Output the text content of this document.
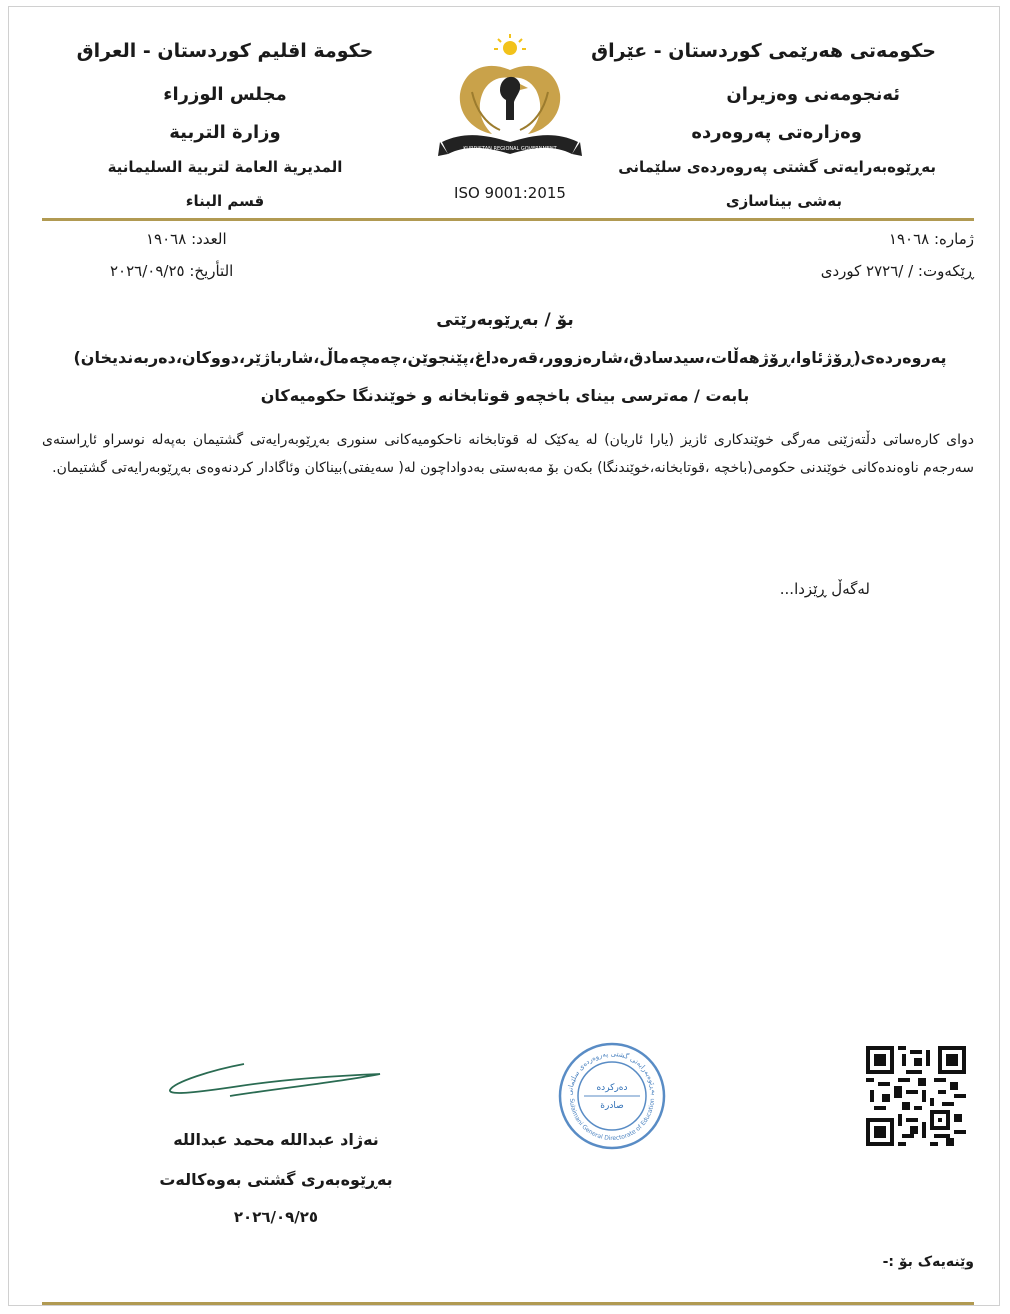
حکومەتی هەرێمی کوردستان - عێراق
ئەنجومەنی وەزیران
وەزارەتی پەروەردە
بەڕێوەبەرایەتی گشتی پەروەردەی سلێمانی
بەشی بیناسازی
حكومة اقليم كوردستان - العراق
مجلس الوزراء
وزارة التربية
المديرية العامة لتربية السليمانية
قسم البناء
KURDISTAN REGIONAL GOVERNMENT
ISO 9001:2015
ژمارە: ١٩٠٦٨
ڕێکەوت: / /٢٧٢٦ کوردی
العدد: ١٩٠٦٨
التأريخ: ٢٠٢٦/٠٩/٢٥
بۆ / بەڕێوبەرێتی
پەروەردەی(ڕۆژئاوا،ڕۆژهەڵات،سیدسادق،شارەزوور،قەرەداغ،پێنجوێن،چەمچەماڵ،شارباژێر،دووکان،دەربەندیخان)
بابەت / مەترسی بینای باخچەو قوتابخانە و خوێندنگا حکومیەکان
دوای کارەساتی دڵتەزێنی مەرگی خوێندکاری ئازیز (یارا ئاریان) لە یەکێک لە قوتابخانە ناحکومیەکانی سنوری بەڕێوبەرایەتی گشتیمان بەپەلە نوسراو ئاڕاستەی سەرجەم ناوەندەکانی خوێندنی حکومی(باخچە ،قوتابخانە،خوێندنگا) بکەن بۆ مەبەستی بەدواداچون لە( سەیفتی)بیناکان وئاگادار کردنەوەی بەڕێوبەرایەتی گشتیمان.
لەگەڵ ڕێزدا...
نەژاد عبداللە محمد عبداللە
بەڕێوەبەری گشتی بەوەکالەت
٢٠٢٦/٠٩/٢٥
بەڕێوەبەرایەتی گشتی پەروەردەی سلێمانی
Sulaimani General Directorate of Education
دەرکردە
صادرة
وێنەیەک بۆ :-
